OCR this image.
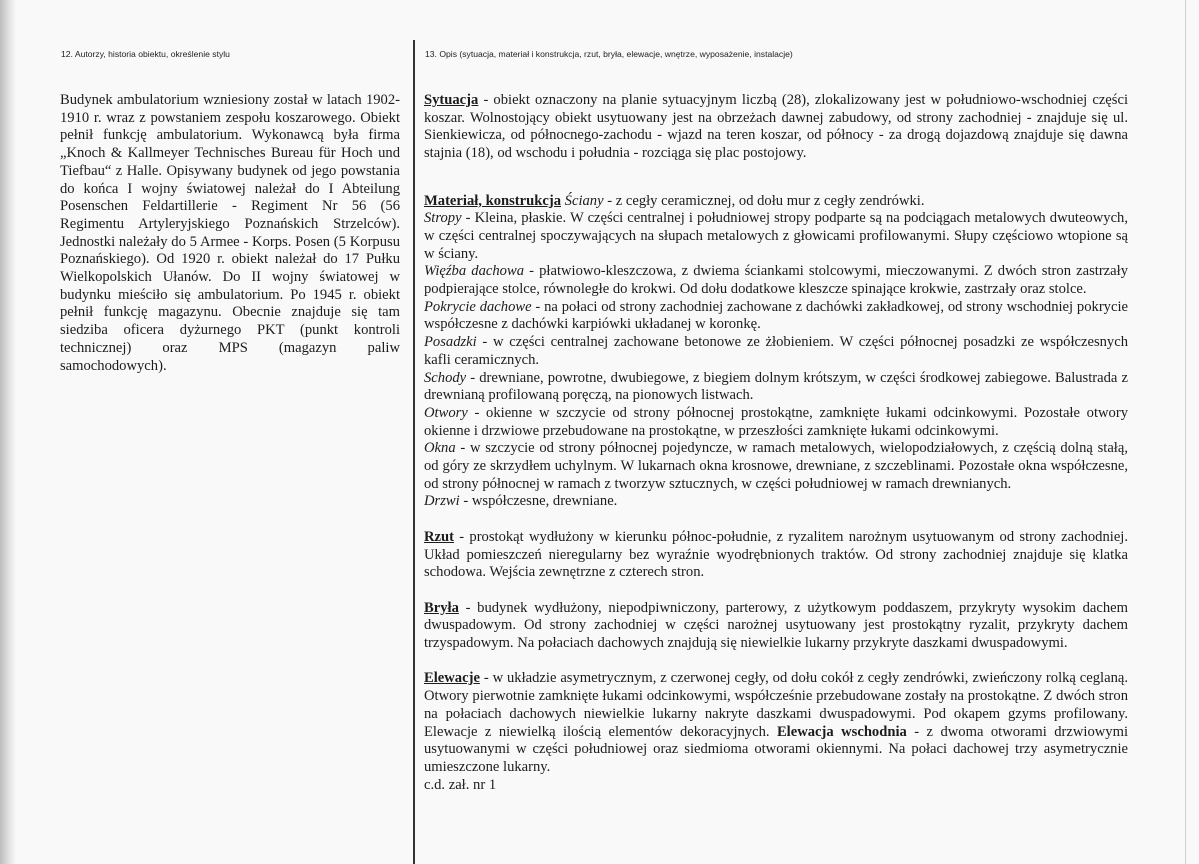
12. Autorzy, historia obiektu, określenie stylu	13. Opis (sytuacja, materiał i konstrukcja, rzut, bryła, elewacje, wnętrze, wyposażenie, instalacje)

Budynek ambulatorium wzniesiony został w latach 1902-1910 r. wraz z powstaniem zespołu koszarowego. Obiekt pełnił funkcję ambulatorium. Wykonawcą była firma „Knoch & Kallmeyer Technisches Bureau für Hoch und Tiefbau“ z Halle. Opisywany budynek od jego powstania do końca I wojny światowej należał do I Abteilung Posenschen Feldartillerie - Regiment Nr 56 (56 Regimentu Artyleryjskiego Poznańskich Strzelców). Jednostki należały do 5 Armee - Korps. Posen (5 Korpusu Poznańskiego). Od 1920 r. obiekt należał do 17 Pułku Wielkopolskich Ułanów. Do II wojny światowej w budynku mieściło się ambulatorium. Po 1945 r. obiekt pełnił funkcję magazynu. Obecnie znajduje się tam siedziba oficera dyżurnego PKT (punkt kontroli technicznej) oraz MPS (magazyn paliw samochodowych).

Sytuacja - obiekt oznaczony na planie sytuacyjnym liczbą (28), zlokalizowany jest w południowo-wschodniej części koszar. Wolnostojący obiekt usytuowany jest na obrzeżach dawnej zabudowy, od strony zachodniej - znajduje się ul. Sienkiewicza, od północnego-zachodu - wjazd na teren koszar, od północy - za drogą dojazdową znajduje się dawna stajnia (18), od wschodu i południa - rozciąga się plac postojowy.

Materiał, konstrukcja Ściany - z cegły ceramicznej, od dołu mur z cegły zendrówki.

Stropy - Kleina, płaskie. W części centralnej i południowej stropy podparte są na podciągach metalowych dwuteowych, w części centralnej spoczywających na słupach metalowych z głowicami profilowanymi. Słupy częściowo wtopione są w ściany.

Więźba dachowa - płatwiowo-kleszczowa, z dwiema ściankami stolcowymi, mieczowanymi. Z dwóch stron zastrzały podpierające stolce, równoległe do krokwi. Od dołu dodatkowe kleszcze spinające krokwie, zastrzały oraz stolce.

Pokrycie dachowe - na połaci od strony zachodniej zachowane z dachówki zakładkowej, od strony wschodniej pokrycie współczesne z dachówki karpiówki układanej w koronkę.

Posadzki - w części centralnej zachowane betonowe ze żłobieniem. W części północnej posadzki ze współczesnych kafli ceramicznych.

Schody - drewniane, powrotne, dwubiegowe, z biegiem dolnym krótszym, w części środkowej zabiegowe. Balustrada z drewnianą profilowaną poręczą, na pionowych listwach.

Otwory - okienne w szczycie od strony północnej prostokątne, zamknięte łukami odcinkowymi. Pozostałe otwory okienne i drzwiowe przebudowane na prostokątne, w przeszłości zamknięte łukami odcinkowymi.

Okna - w szczycie od strony północnej pojedyncze, w ramach metalowych, wielopodziałowych, z częścią dolną stałą, od góry ze skrzydłem uchylnym. W lukarnach okna krosnowe, drewniane, z szczeblinami. Pozostałe okna współczesne, od strony północnej w ramach z tworzyw sztucznych, w części południowej w ramach drewnianych.

Drzwi - współczesne, drewniane.

Rzut - prostokąt wydłużony w kierunku północ-południe, z ryzalitem narożnym usytuowanym od strony zachodniej. Układ pomieszczeń nieregularny bez wyraźnie wyodrębnionych traktów. Od strony zachodniej znajduje się klatka schodowa. Wejścia zewnętrzne z czterech stron.

Bryła - budynek wydłużony, niepodpiwniczony, parterowy, z użytkowym poddaszem, przykryty wysokim dachem dwuspadowym. Od strony zachodniej w części narożnej usytuowany jest prostokątny ryzalit, przykryty dachem trzyspadowym. Na połaciach dachowych znajdują się niewielkie lukarny przykryte daszkami dwuspadowymi.

Elewacje - w układzie asymetrycznym, z czerwonej cegły, od dołu cokół z cegły zendrówki, zwieńczony rolką ceglaną. Otwory pierwotnie zamknięte łukami odcinkowymi, współcześnie przebudowane zostały na prostokątne. Z dwóch stron na połaciach dachowych niewielkie lukarny nakryte daszkami dwuspadowymi. Pod okapem gzyms profilowany. Elewacje z niewielką ilością elementów dekoracyjnych. Elewacja wschodnia - z dwoma otworami drzwiowymi usytuowanymi w części południowej oraz siedmioma otworami okiennymi. Na połaci dachowej trzy asymetrycznie umieszczone lukarny.

c.d. zał. nr 1
